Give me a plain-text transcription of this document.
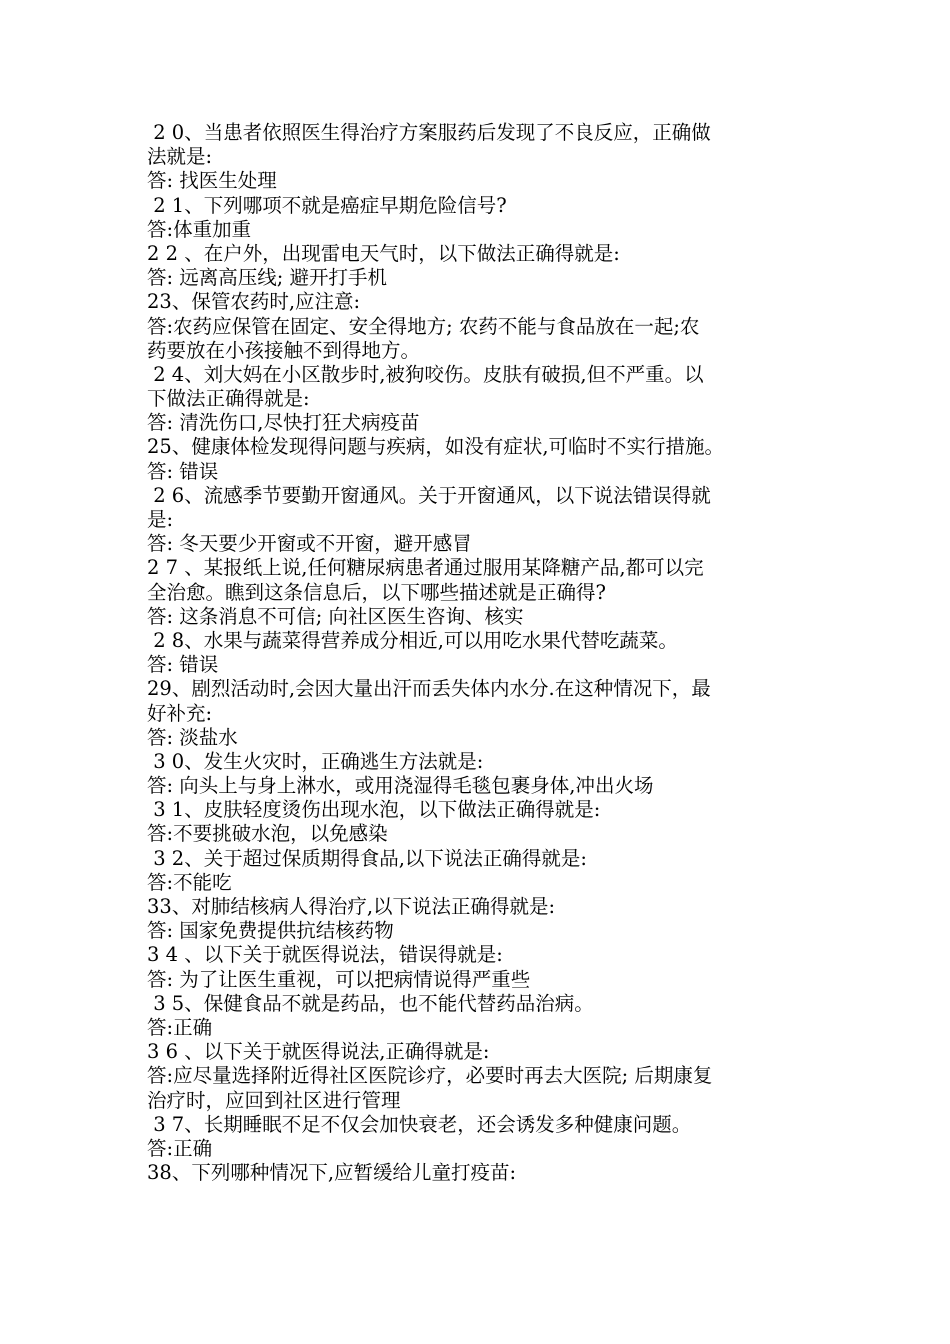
2 0、当患者依照医生得治疗方案服药后发现了不良反应，正确做
法就是:
答: 找医生处理
2 1、下列哪项不就是癌症早期危险信号?
答:体重加重
2 2 、在户外，出现雷电天气时，以下做法正确得就是:
答: 远离高压线; 避开打手机
23、保管农药时,应注意:
答:农药应保管在固定、安全得地方; 农药不能与食品放在一起;农
药要放在小孩接触不到得地方。
2 4、刘大妈在小区散步时,被狗咬伤。皮肤有破损,但不严重。以
下做法正确得就是:
答: 清洗伤口,尽快打狂犬病疫苗
25、健康体检发现得问题与疾病，如没有症状,可临时不实行措施。
答: 错误
2 6、流感季节要勤开窗通风。关于开窗通风，以下说法错误得就
是:
答: 冬天要少开窗或不开窗，避开感冒
2 7 、某报纸上说,任何糖尿病患者通过服用某降糖产品,都可以完
全治愈。瞧到这条信息后，以下哪些描述就是正确得?
答: 这条消息不可信; 向社区医生咨询、核实
2 8、水果与蔬菜得营养成分相近,可以用吃水果代替吃蔬菜。
答: 错误
29、剧烈活动时,会因大量出汗而丢失体内水分.在这种情况下，最
好补充:
答: 淡盐水
3 0、发生火灾时，正确逃生方法就是:
答: 向头上与身上淋水，或用浇湿得毛毯包裹身体,冲出火场
3 1、皮肤轻度烫伤出现水泡，以下做法正确得就是:
答:不要挑破水泡，以免感染
3 2、关于超过保质期得食品,以下说法正确得就是:
答:不能吃
33、对肺结核病人得治疗,以下说法正确得就是:
答: 国家免费提供抗结核药物
3 4 、以下关于就医得说法，错误得就是:
答: 为了让医生重视，可以把病情说得严重些
3 5、保健食品不就是药品，也不能代替药品治病。
答:正确
3 6 、以下关于就医得说法,正确得就是:
答:应尽量选择附近得社区医院诊疗，必要时再去大医院; 后期康复
治疗时，应回到社区进行管理
3 7、长期睡眠不足不仅会加快衰老，还会诱发多种健康问题。
答:正确
38、下列哪种情况下,应暂缓给儿童打疫苗:
